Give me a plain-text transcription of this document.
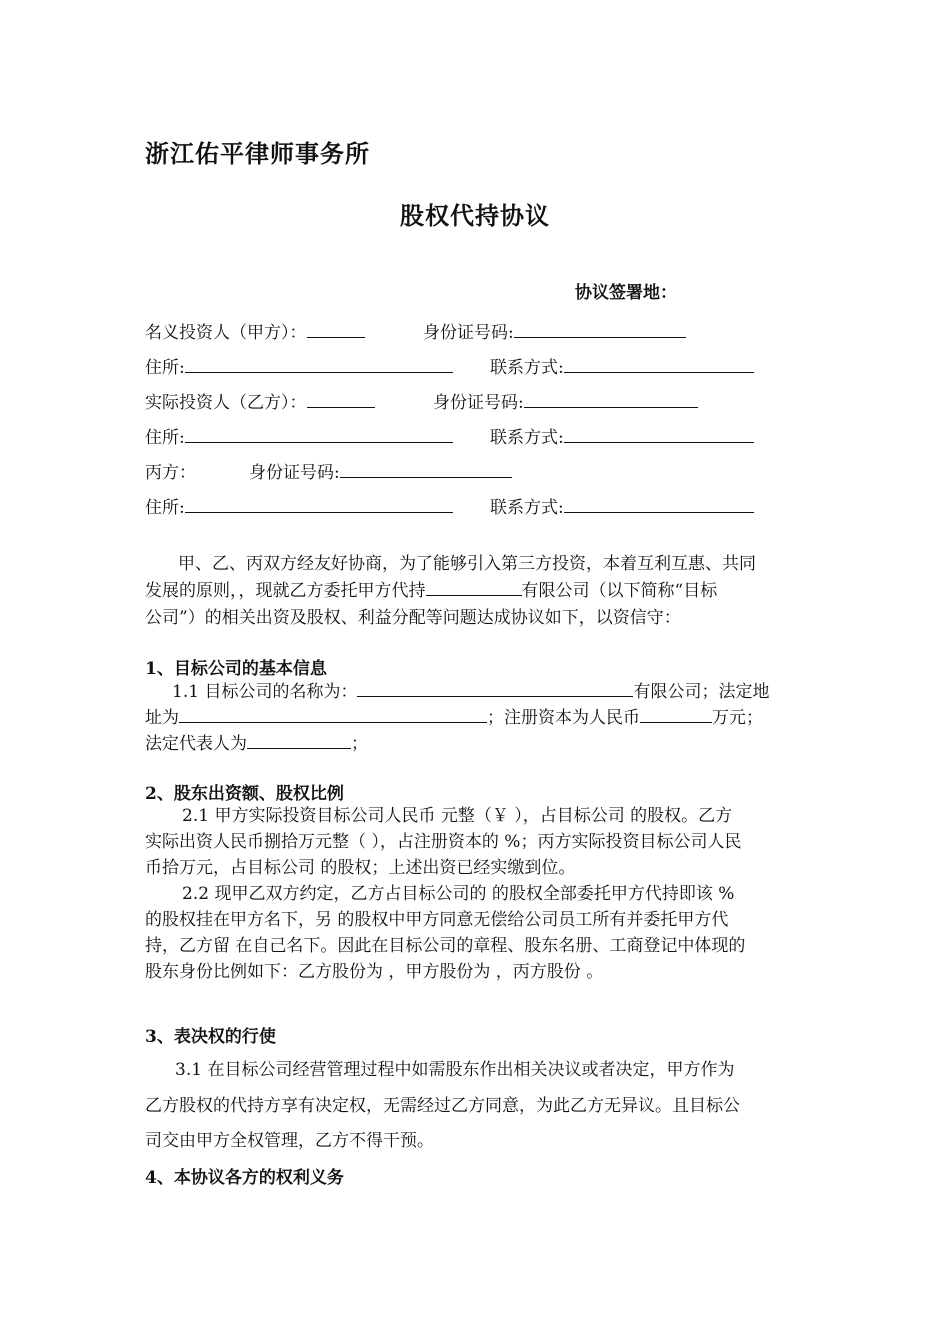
浙江佑平律师事务所
股权代持协议
协议签署地：
名义投资人（甲方）：	身份证号码:
住所:	联系方式:
实际投资人（乙方）：	身份证号码:
住所:	联系方式:
丙方：	身份证号码:
住所:	联系方式:
甲、乙、丙双方经友好协商，为了能够引入第三方投资，本着互利互惠、共同
发展的原则，，现就乙方委托甲方代持	有限公司（以下简称“目标
公司”）的相关出资及股权、利益分配等问题达成协议如下，以资信守：
1、目标公司的基本信息
1.1 目标公司的名称为：	有限公司；法定地
址为	；注册资本为人民币	万元；
法定代表人为	；
2、股东出资额、股权比例
2.1 甲方实际投资目标公司人民币 元整（￥ ），占目标公司 的股权。乙方
实际出资人民币捌拾万元整（ ），占注册资本的 %；丙方实际投资目标公司人民
币拾万元，占目标公司 的股权；上述出资已经实缴到位。
2.2 现甲乙双方约定，乙方占目标公司的 的股权全部委托甲方代持即该 %
的股权挂在甲方名下，另 的股权中甲方同意无偿给公司员工所有并委托甲方代
持，乙方留 在自己名下。因此在目标公司的章程、股东名册、工商登记中体现的
股东身份比例如下：乙方股份为 ，甲方股份为 ，丙方股份 。
3、表决权的行使
3.1 在目标公司经营管理过程中如需股东作出相关决议或者决定，甲方作为
乙方股权的代持方享有决定权，无需经过乙方同意，为此乙方无异议。且目标公
司交由甲方全权管理，乙方不得干预。
4、本协议各方的权利义务
